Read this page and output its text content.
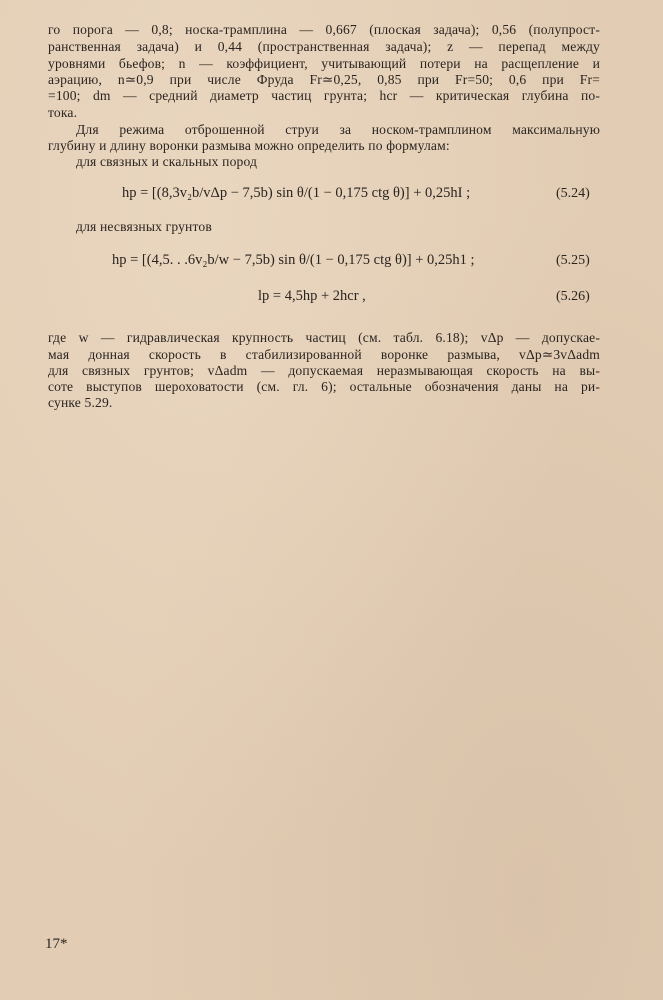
го порога — 0,8; носка-трамплина — 0,667 (плоская задача); 0,56 (полупрост-
ранственная задача) и 0,44 (пространственная задача); z — перепад между
уровнями бьефов; n — коэффициент, учитывающий потери на расщепление и
аэрацию, n≃0,9 при числе Фруда Fr≃0,25, 0,85 при Fr=50; 0,6 при Fr=
=100; dm — средний диаметр частиц грунта; hcr — критическая глубина по-
тока.
Для режима отброшенной струи за носком-трамплином максимальную
глубину и длину воронки размыва можно определить по формулам:
для связных и скальных пород
hp = [(8,3v₂b/vΔp − 7,5b) sin θ/(1 − 0,175 ctg θ)] + 0,25hI ;	(5.24)
для несвязных грунтов
hp = [(4,5. . .6v₂b/w − 7,5b) sin θ/(1 − 0,175 ctg θ)] + 0,25h1 ;	(5.25)
lp = 4,5hp + 2hcr ,	(5.26)
где w — гидравлическая крупность частиц (см. табл. 6.18); vΔp — допускае-
мая донная скорость в стабилизированной воронке размыва, vΔp≃3vΔadm
для связных грунтов; vΔadm — допускаемая неразмывающая скорость на вы-
соте выступов шероховатости (см. гл. 6); остальные обозначения даны на ри-
сунке 5.29.
17*
